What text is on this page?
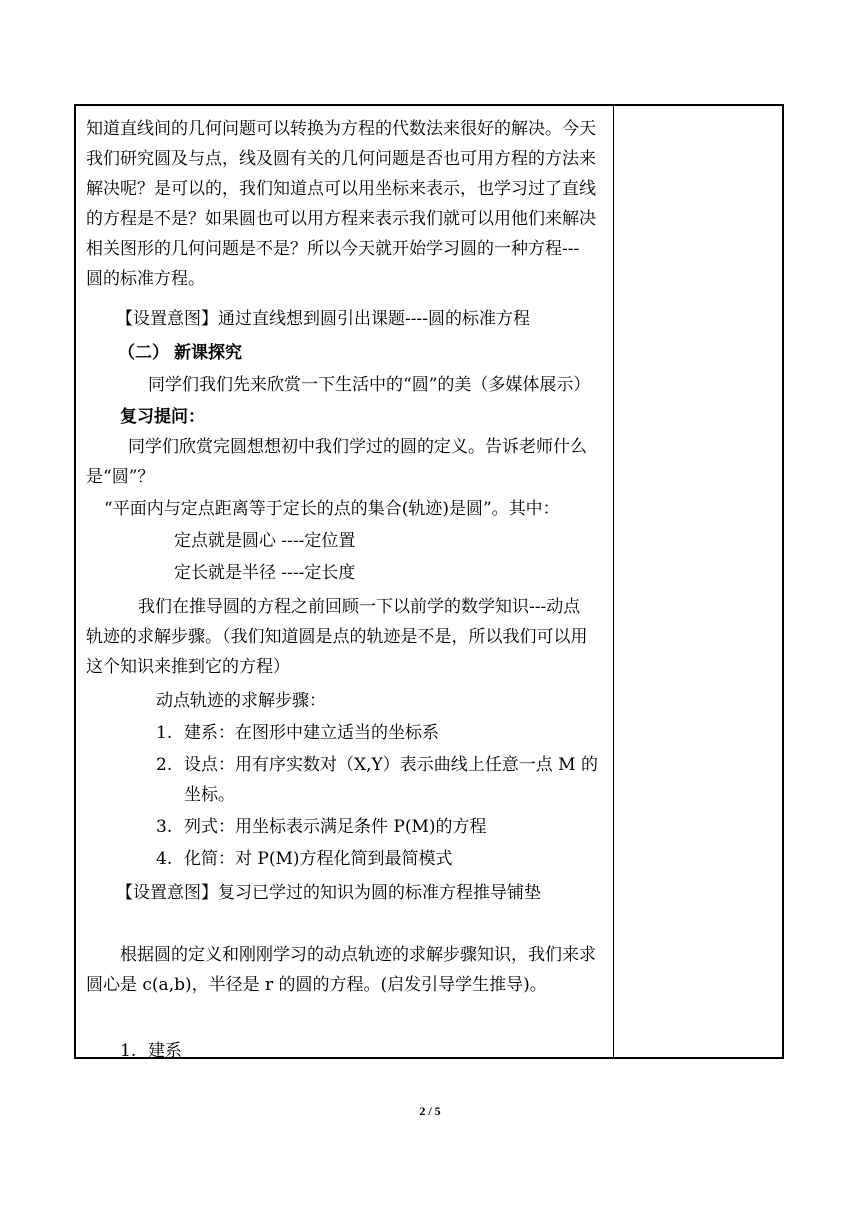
知道直线间的几何问题可以转换为方程的代数法来很好的解决。今天
我们研究圆及与点，线及圆有关的几何问题是否也可用方程的方法来
解决呢？是可以的，我们知道点可以用坐标来表示，也学习过了直线
的方程是不是？如果圆也可以用方程来表示我们就可以用他们来解决
相关图形的几何问题是不是？所以今天就开始学习圆的一种方程---
圆的标准方程。
【设置意图】通过直线想到圆引出课题----圆的标准方程
（二） 新课探究
同学们我们先来欣赏一下生活中的“圆”的美（多媒体展示）
复习提问：
同学们欣赏完圆想想初中我们学过的圆的定义。告诉老师什么
是“圆”？
“平面内与定点距离等于定长的点的集合(轨迹)是圆”。其中：
定点就是圆心 ----定位置
定长就是半径 ----定长度
我们在推导圆的方程之前回顾一下以前学的数学知识---动点
轨迹的求解步骤。（我们知道圆是点的轨迹是不是，所以我们可以用
这个知识来推到它的方程）
动点轨迹的求解步骤：
1. 建系：在图形中建立适当的坐标系
2. 设点：用有序实数对（X,Y）表示曲线上任意一点 M 的
坐标。
3. 列式：用坐标表示满足条件 P(M)的方程
4. 化简：对 P(M)方程化简到最简模式
【设置意图】复习已学过的知识为圆的标准方程推导铺垫
根据圆的定义和刚刚学习的动点轨迹的求解步骤知识，我们来求
圆心是 c(a,b)，半径是 r 的圆的方程。(启发引导学生推导)。
1. 建系
2 / 5
